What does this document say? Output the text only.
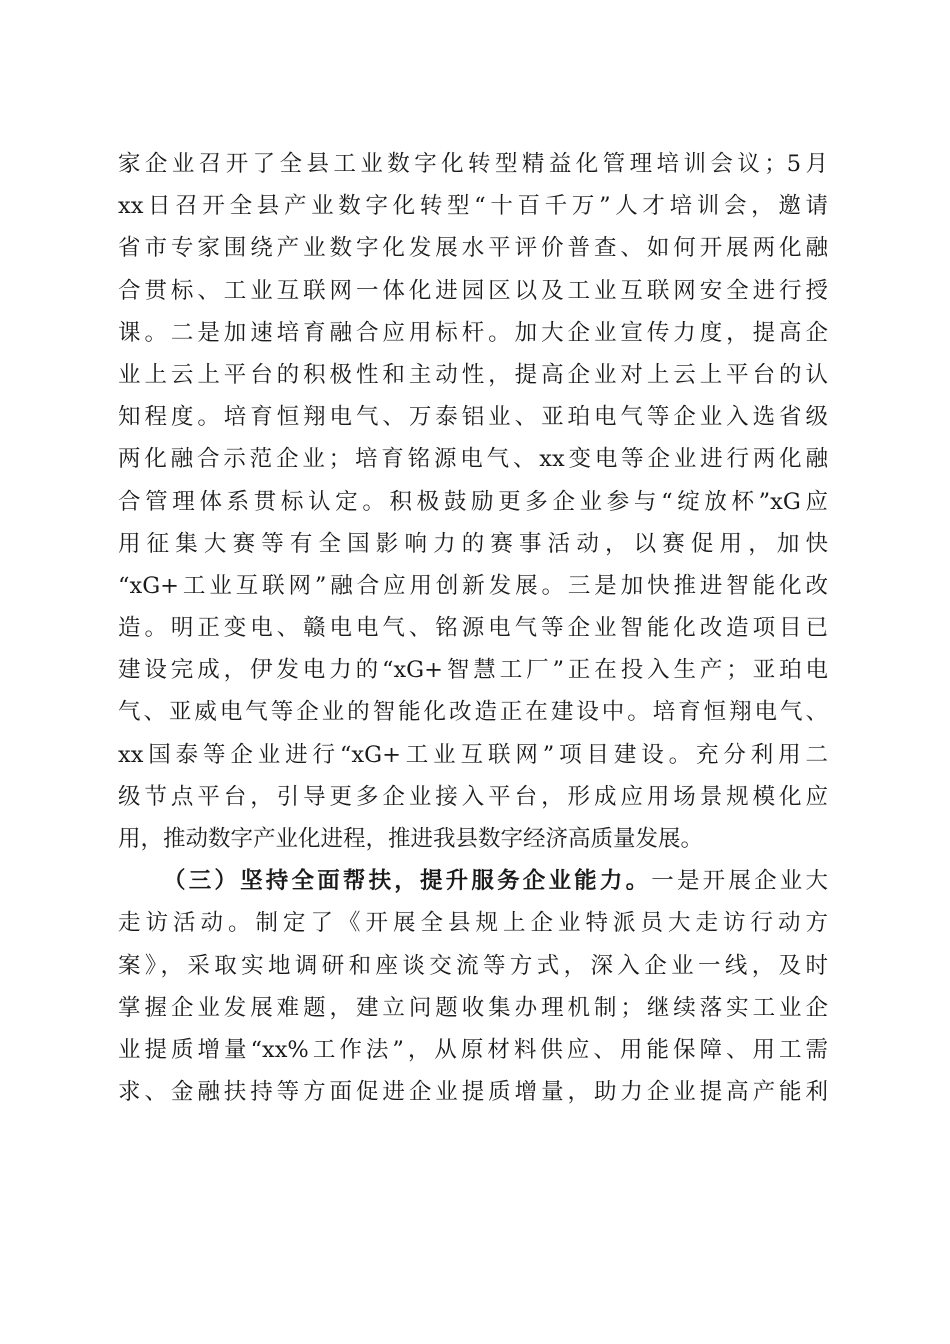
家企业召开了全县工业数字化转型精益化管理培训会议；5月
xx日召开全县产业数字化转型“十百千万”人才培训会，邀请
省市专家围绕产业数字化发展水平评价普查、如何开展两化融
合贯标、工业互联网一体化进园区以及工业互联网安全进行授
课。二是加速培育融合应用标杆。加大企业宣传力度，提高企
业上云上平台的积极性和主动性，提高企业对上云上平台的认
知程度。培育恒翔电气、万泰铝业、亚珀电气等企业入选省级
两化融合示范企业；培育铭源电气、xx变电等企业进行两化融
合管理体系贯标认定。积极鼓励更多企业参与“绽放杯”xG应
用征集大赛等有全国影响力的赛事活动，以赛促用，加快
“xG+工业互联网”融合应用创新发展。三是加快推进智能化改
造。明正变电、赣电电气、铭源电气等企业智能化改造项目已
建设完成，伊发电力的“xG+智慧工厂”正在投入生产；亚珀电
气、亚威电气等企业的智能化改造正在建设中。培育恒翔电气、
xx国泰等企业进行“xG+工业互联网”项目建设。充分利用二
级节点平台，引导更多企业接入平台，形成应用场景规模化应
用，推动数字产业化进程，推进我县数字经济高质量发展。
（三）坚持全面帮扶，提升服务企业能力。一是开展企业大
走访活动。制定了《开展全县规上企业特派员大走访行动方
案》，采取实地调研和座谈交流等方式，深入企业一线，及时
掌握企业发展难题，建立问题收集办理机制；继续落实工业企
业提质增量“xx%工作法”，从原材料供应、用能保障、用工需
求、金融扶持等方面促进企业提质增量，助力企业提高产能利
